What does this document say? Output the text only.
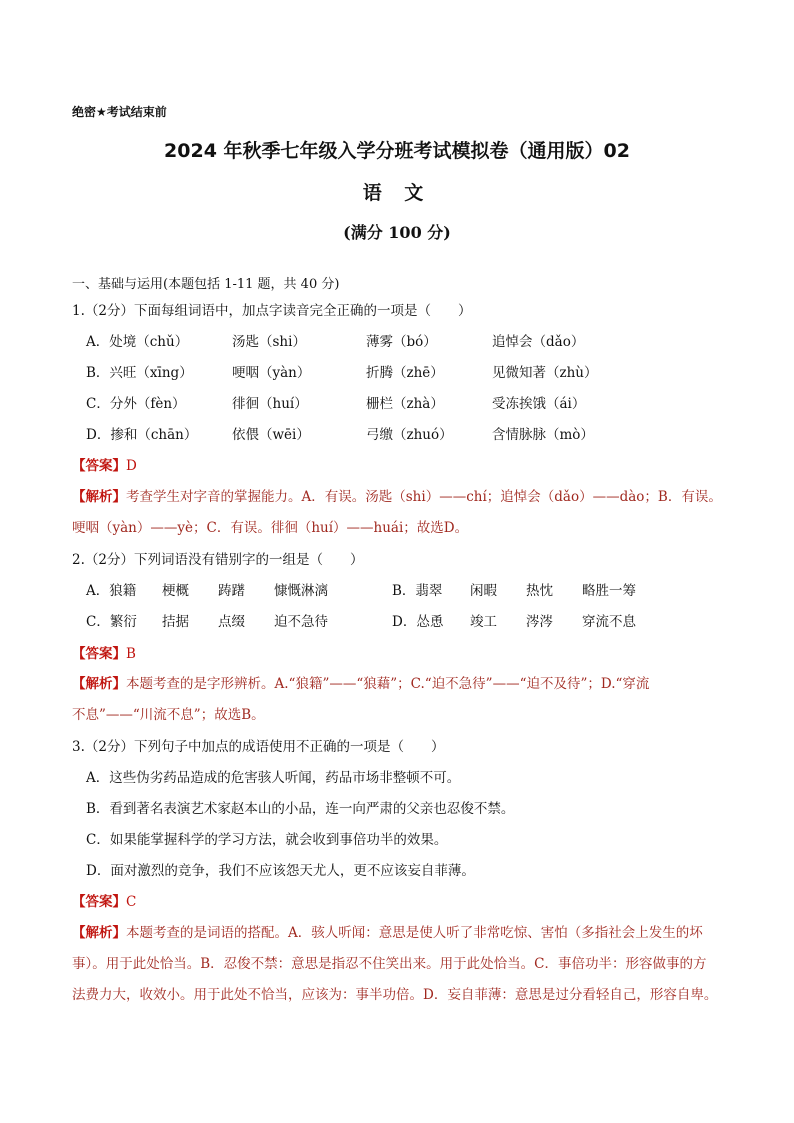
绝密★考试结束前
2024 年秋季七年级入学分班考试模拟卷（通用版）02
语 文
(满分 100 分)
一、基础与运用(本题包括 1-11 题，共 40 分)
1.（2分）下面每组词语中，加点字读音完全正确的一项是（　　）
A．处境（chǔ）	汤匙（shi）	薄雾（bó）	追悼会（dǎo）
B．兴旺（xīng）	哽咽（yàn）	折腾（zhē）	见微知著（zhù）
C．分外（fèn）	徘徊（huí）	栅栏（zhà）	受冻挨饿（ái）
D．掺和（chān）	依偎（wēi）	弓缴（zhuó）	含情脉脉（mò）
【答案】D
【解析】考查学生对字音的掌握能力。A．有误。汤匙（shi）——chí；追悼会（dǎo）——dào；B．有误。
哽咽（yàn）——yè；C．有误。徘徊（huí）——huái；故选D。
2.（2分）下列词语没有错别字的一组是（　　）
A．狼籍 梗概 踌躇 慷慨淋漓	B．翡翠 闲暇 热忱 略胜一筹
C．繁衍 拮据 点缀 迫不急待	D．怂恿 竣工 涔涔 穿流不息
【答案】B
【解析】本题考查的是字形辨析。A.“狼籍”——“狼藉”；C.“迫不急待”——“迫不及待”；D.“穿流
不息”——“川流不息”；故选B。
3.（2分）下列句子中加点的成语使用不正确的一项是（　　）
A．这些伪劣药品造成的危害骇人听闻，药品市场非整顿不可。
B．看到著名表演艺术家赵本山的小品，连一向严肃的父亲也忍俊不禁。
C．如果能掌握科学的学习方法，就会收到事倍功半的效果。
D．面对激烈的竞争，我们不应该怨天尤人，更不应该妄自菲薄。
【答案】C
【解析】本题考查的是词语的搭配。A．骇人听闻：意思是使人听了非常吃惊、害怕（多指社会上发生的坏
事）。用于此处恰当。B．忍俊不禁：意思是指忍不住笑出来。用于此处恰当。C．事倍功半：形容做事的方
法费力大，收效小。用于此处不恰当，应该为：事半功倍。D．妄自菲薄：意思是过分看轻自己，形容自卑。
